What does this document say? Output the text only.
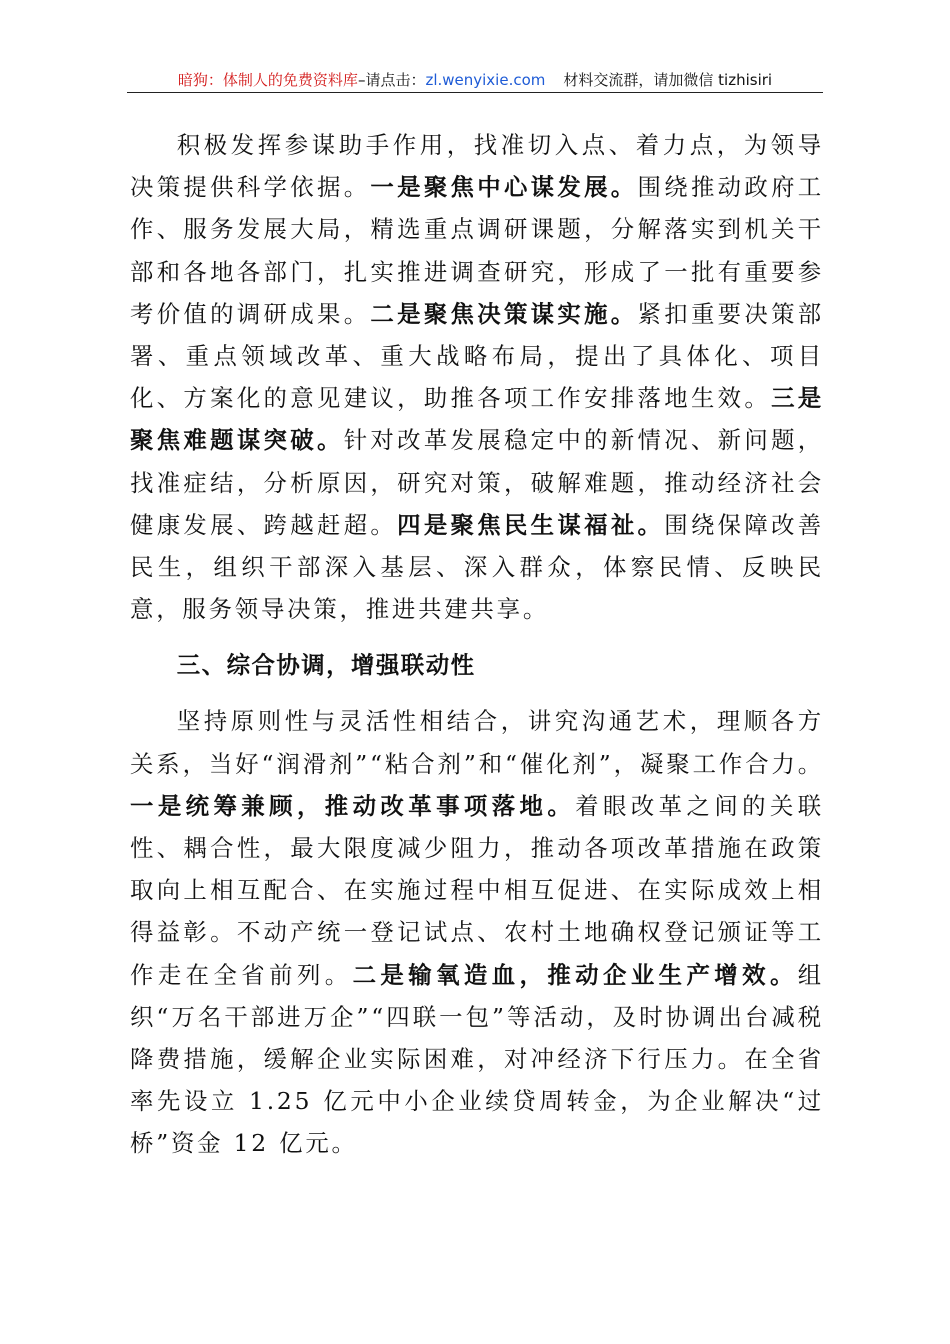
暗狗：体制人的免费资料库–请点击：zl.wenyixie.com 材料交流群，请加微信 tizhisiri

积极发挥参谋助手作用，找准切入点、着力点，为领导决策提供科学依据。一是聚焦中心谋发展。围绕推动政府工作、服务发展大局，精选重点调研课题，分解落实到机关干部和各地各部门，扎实推进调查研究，形成了一批有重要参考价值的调研成果。二是聚焦决策谋实施。紧扣重要决策部署、重点领域改革、重大战略布局，提出了具体化、项目化、方案化的意见建议，助推各项工作安排落地生效。三是聚焦难题谋突破。针对改革发展稳定中的新情况、新问题，找准症结，分析原因，研究对策，破解难题，推动经济社会健康发展、跨越赶超。四是聚焦民生谋福祉。围绕保障改善民生，组织干部深入基层、深入群众，体察民情、反映民意，服务领导决策，推进共建共享。

三、综合协调，增强联动性

坚持原则性与灵活性相结合，讲究沟通艺术，理顺各方关系，当好“润滑剂”“粘合剂”和“催化剂”，凝聚工作合力。一是统筹兼顾，推动改革事项落地。着眼改革之间的关联性、耦合性，最大限度减少阻力，推动各项改革措施在政策取向上相互配合、在实施过程中相互促进、在实际成效上相得益彰。不动产统一登记试点、农村土地确权登记颁证等工作走在全省前列。二是输氧造血，推动企业生产增效。组织“万名干部进万企”“四联一包”等活动，及时协调出台减税降费措施，缓解企业实际困难，对冲经济下行压力。在全省率先设立 1.25 亿元中小企业续贷周转金，为企业解决“过桥”资金 12 亿元。
